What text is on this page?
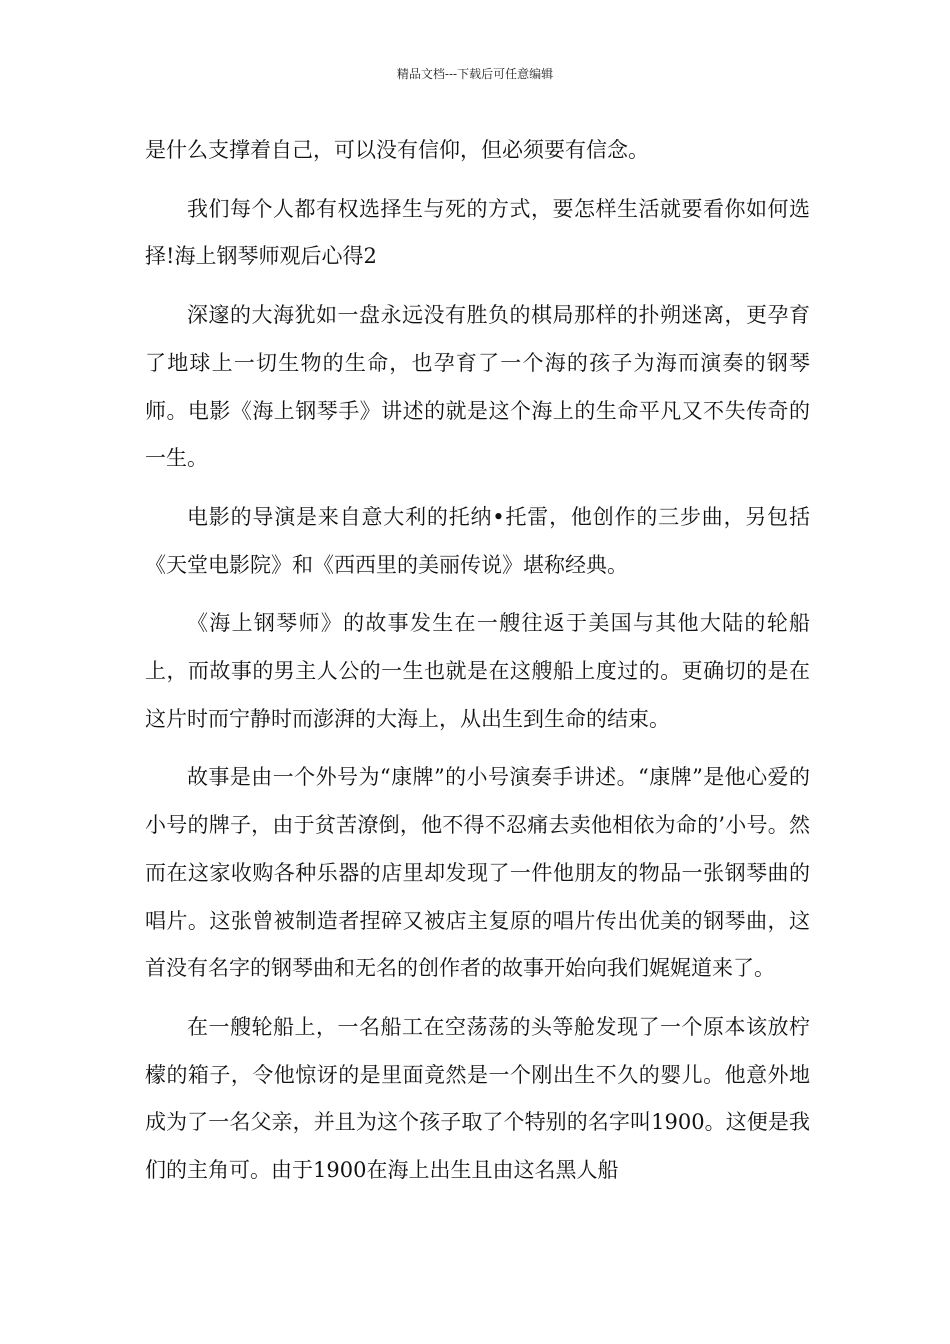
精品文档---下载后可任意编辑

是什么支撑着自己，可以没有信仰，但必须要有信念。

我们每个人都有权选择生与死的方式，要怎样生活就要看你如何选择!海上钢琴师观后心得2

深邃的大海犹如一盘永远没有胜负的棋局那样的扑朔迷离，更孕育了地球上一切生物的生命，也孕育了一个海的孩子为海而演奏的钢琴师。电影《海上钢琴手》讲述的就是这个海上的生命平凡又不失传奇的一生。

电影的导演是来自意大利的托纳•托雷，他创作的三步曲，另包括《天堂电影院》和《西西里的美丽传说》堪称经典。

《海上钢琴师》的故事发生在一艘往返于美国与其他大陆的轮船上，而故事的男主人公的一生也就是在这艘船上度过的。更确切的是在这片时而宁静时而澎湃的大海上，从出生到生命的结束。

故事是由一个外号为“康牌”的小号演奏手讲述。“康牌”是他心爱的小号的牌子，由于贫苦潦倒，他不得不忍痛去卖他相依为命的’小号。然而在这家收购各种乐器的店里却发现了一件他朋友的物品一张钢琴曲的唱片。这张曾被制造者捏碎又被店主复原的唱片传出优美的钢琴曲，这首没有名字的钢琴曲和无名的创作者的故事开始向我们娓娓道来了。

在一艘轮船上，一名船工在空荡荡的头等舱发现了一个原本该放柠檬的箱子，令他惊讶的是里面竟然是一个刚出生不久的婴儿。他意外地成为了一名父亲，并且为这个孩子取了个特别的名字叫1900。这便是我们的主角可。由于1900在海上出生且由这名黑人船
